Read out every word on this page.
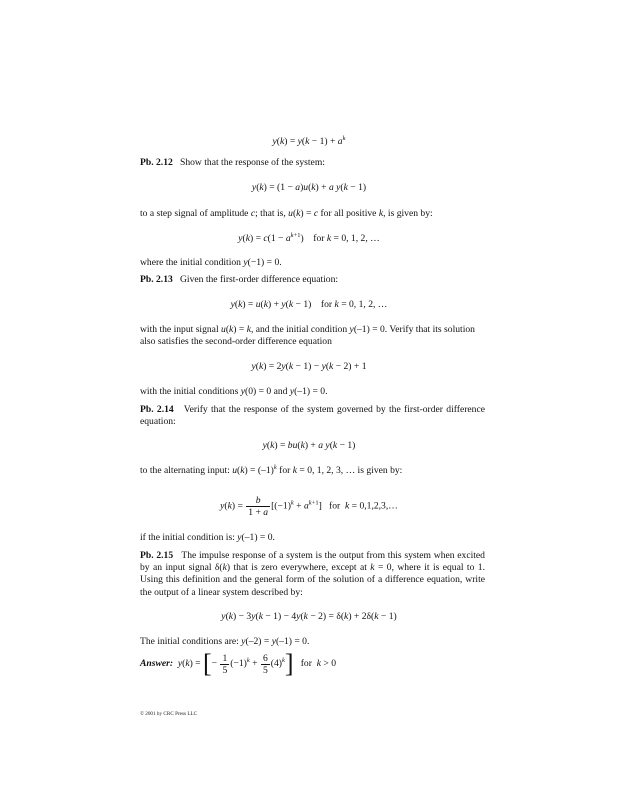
$y(k) = y(k - 1) + a^k$
Pb. 2.12   Show that the response of the system:
y(k) = (1 − a)u(k) + a y(k − 1)
to a step signal of amplitude c; that is, u(k) = c for all positive k, is given by:
$y(k) = c(1 - a^{k+1})$    for k = 0, 1, 2, …
where the initial condition y(−1) = 0.
Pb. 2.13   Given the first-order difference equation:
y(k) = u(k) + y(k − 1)    for k = 0, 1, 2, …
with the input signal u(k) = k, and the initial condition y(–1) = 0. Verify that its solution also satisfies the second-order difference equation
y(k) = 2y(k − 1) − y(k − 2) + 1
with the initial conditions y(0) = 0 and y(–1) = 0.
Pb. 2.14   Verify that the response of the system governed by the first-order difference equation:
y(k) = bu(k) + a y(k − 1)
to the alternating input: $u(k) = (-1)^k$ for k = 0, 1, 2, 3, … is given by:
$y(k) = \frac{b}{1 + a} [(-1)^k + a^{k+1}]$   for  k = 0,1,2,3,…
if the initial condition is: y(–1) = 0.
Pb. 2.15   The impulse response of a system is the output from this system when excited by an input signal δ(k) that is zero everywhere, except at k = 0, where it is equal to 1. Using this definition and the general form of the solution of a difference equation, write the output of a linear system described by:
y(k) − 3y(k − 1) − 4y(k − 2) = δ(k) + 2δ(k − 1)
The initial conditions are: y(–2) = y(–1) = 0.
Answer: y(k) = [− $\frac{1}{5} (-1)^k + \frac{6}{5} (4)^k$]   for  k > 0
© 2001 by CRC Press LLC
